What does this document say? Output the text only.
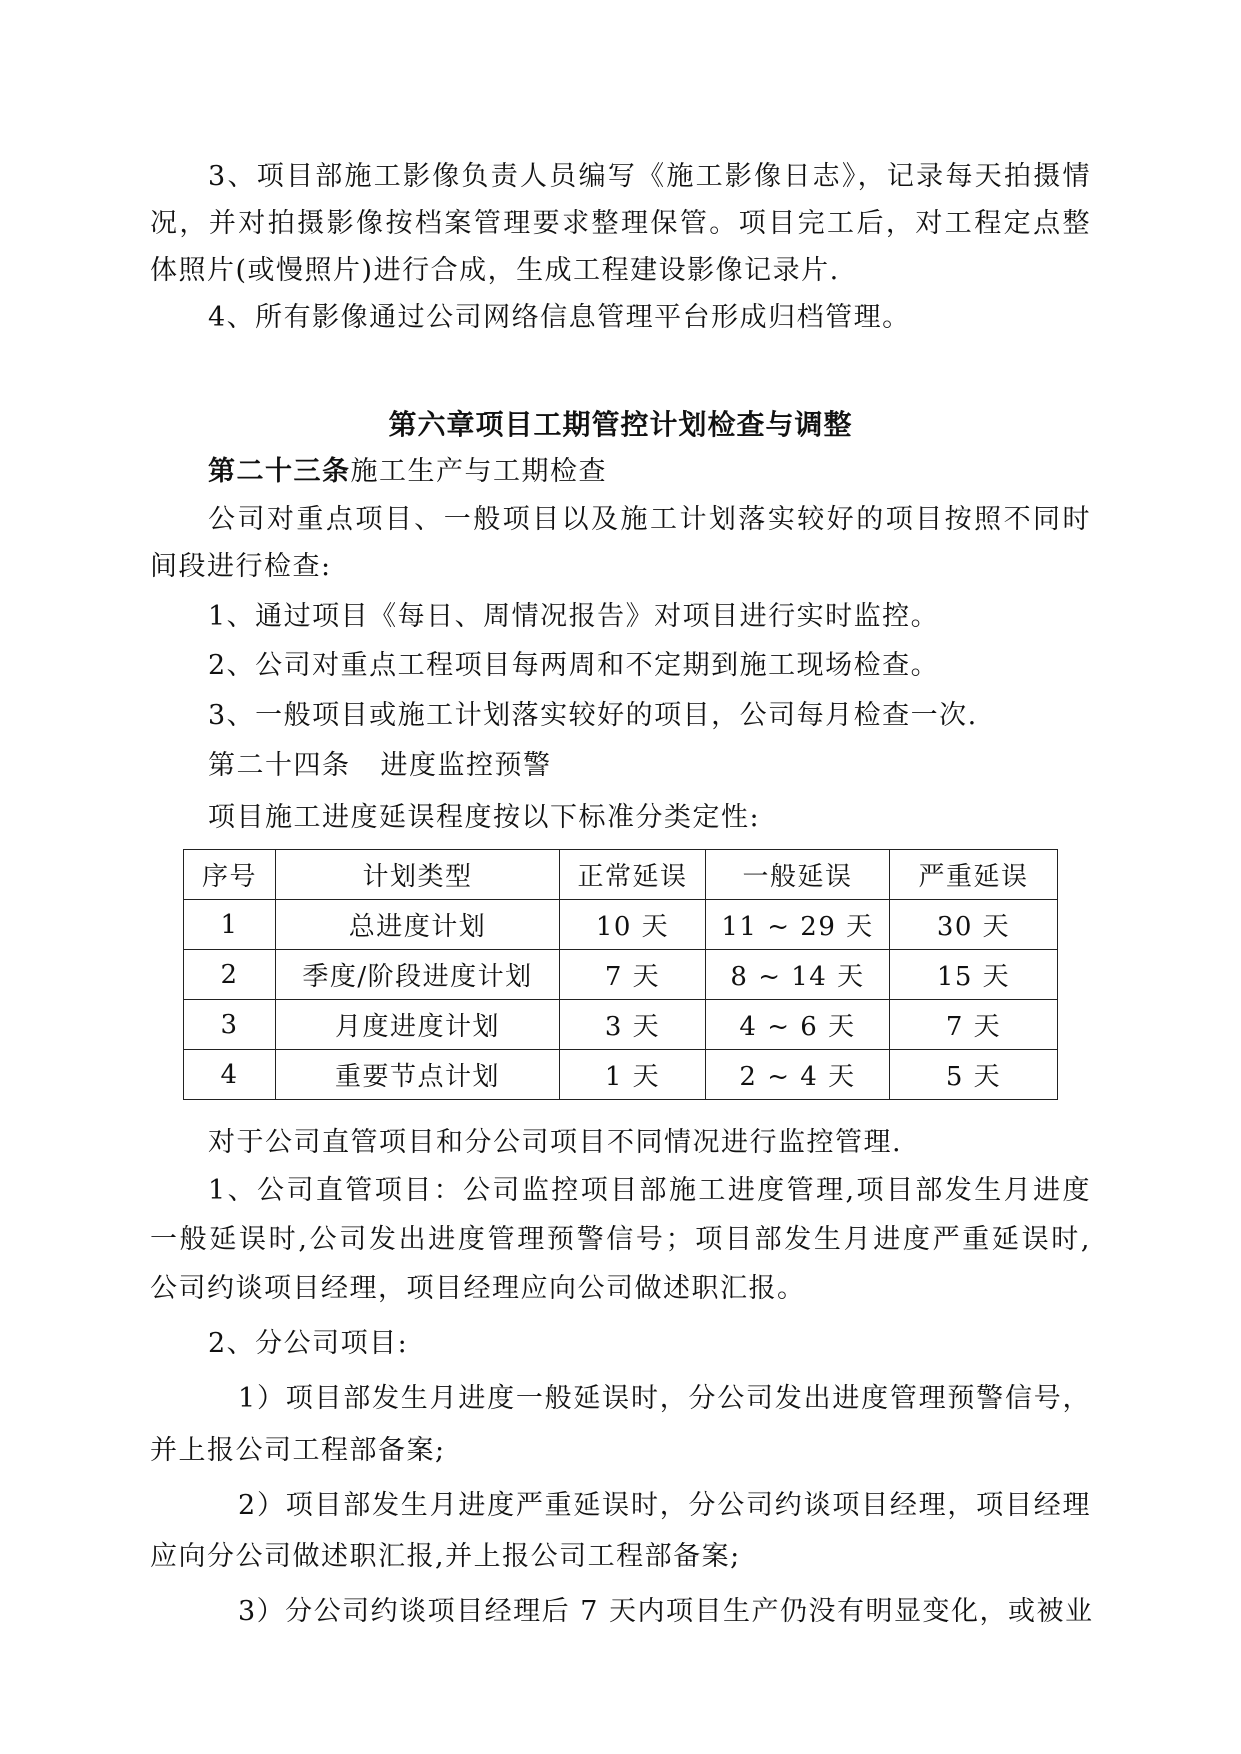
3、项目部施工影像负责人员编写《施工影像日志》，记录每天拍摄情
况，并对拍摄影像按档案管理要求整理保管。项目完工后，对工程定点整
体照片(或慢照片)进行合成，生成工程建设影像记录片.
4、所有影像通过公司网络信息管理平台形成归档管理。
第六章项目工期管控计划检查与调整
第二十三条施工生产与工期检查
公司对重点项目、一般项目以及施工计划落实较好的项目按照不同时
间段进行检查:
1、通过项目《每日、周情况报告》对项目进行实时监控。
2、公司对重点工程项目每两周和不定期到施工现场检查。
3、一般项目或施工计划落实较好的项目，公司每月检查一次.
第二十四条 进度监控预警
项目施工进度延误程度按以下标准分类定性:
序号	计划类型	正常延误	一般延误	严重延误
1	总进度计划	10 天	11 ~ 29 天	30 天
2	季度/阶段进度计划	7 天	8 ~ 14 天	15 天
3	月度进度计划	3 天	4 ~ 6 天	7 天
4	重要节点计划	1 天	2 ~ 4 天	5 天
对于公司直管项目和分公司项目不同情况进行监控管理.
1、公司直管项目：公司监控项目部施工进度管理,项目部发生月进度
一般延误时,公司发出进度管理预警信号；项目部发生月进度严重延误时,
公司约谈项目经理，项目经理应向公司做述职汇报。
2、分公司项目:
1）项目部发生月进度一般延误时，分公司发出进度管理预警信号，
并上报公司工程部备案;
2）项目部发生月进度严重延误时，分公司约谈项目经理，项目经理
应向分公司做述职汇报,并上报公司工程部备案;
3）分公司约谈项目经理后 7 天内项目生产仍没有明显变化，或被业
